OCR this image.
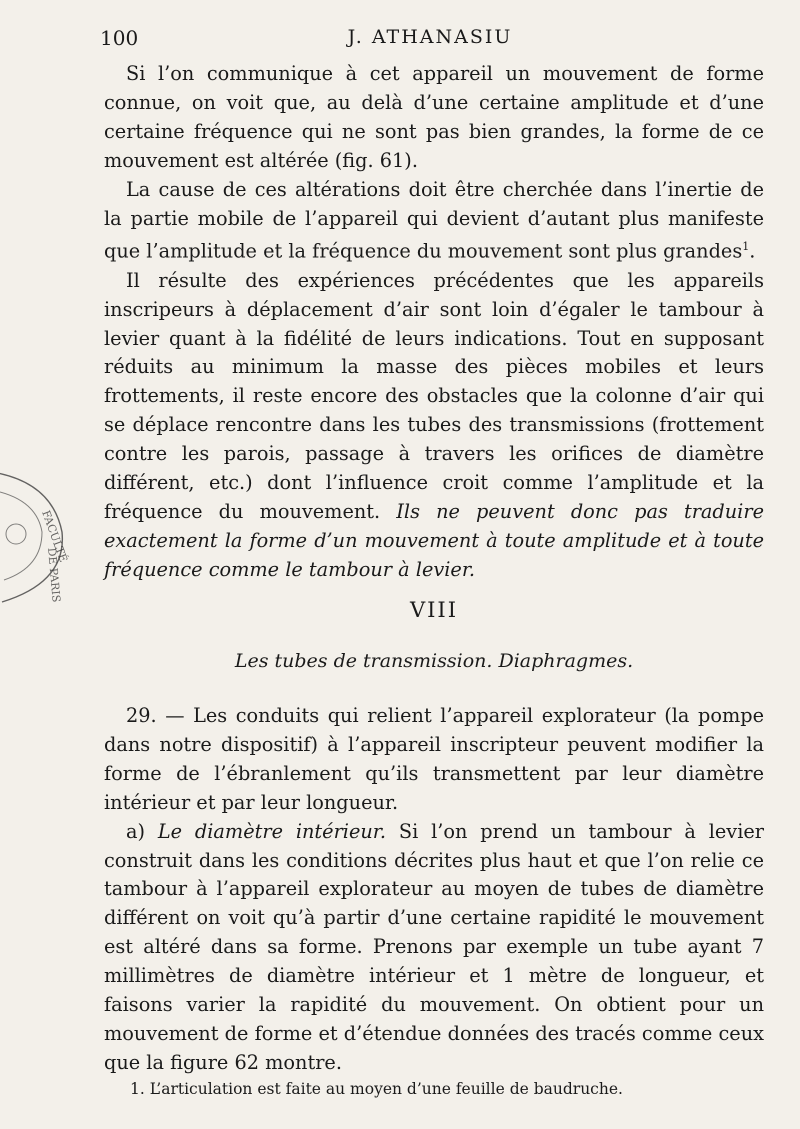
100	J. ATHANASIU

Si l’on communique à cet appareil un mouvement de forme connue, on voit que, au delà d’une certaine amplitude et d’une certaine fréquence qui ne sont pas bien grandes, la forme de ce mouvement est altérée (fig. 61).

La cause de ces altérations doit être cherchée dans l’inertie de la partie mobile de l’appareil qui devient d’autant plus manifeste que l’amplitude et la fréquence du mouvement sont plus grandes$^1$.

Il résulte des expériences précédentes que les appareils inscripeurs à déplacement d’air sont loin d’égaler le tambour à levier quant à la fidélité de leurs indications. Tout en supposant réduits au minimum la masse des pièces mobiles et leurs frottements, il reste encore des obstacles que la colonne d’air qui se déplace rencontre dans les tubes des transmissions (frottement contre les parois, passage à travers les orifices de diamètre différent, etc.) dont l’influence croit comme l’amplitude et la fréquence du mouvement. Ils ne peuvent donc pas traduire exactement la forme d’un mouvement à toute amplitude et à toute fréquence comme le tambour à levier.

VIII
Les tubes de transmission. Diaphragmes.

29. — Les conduits qui relient l’appareil explorateur (la pompe dans notre dispositif) à l’appareil inscripteur peuvent modifier la forme de l’ébranlement qu’ils transmettent par leur diamètre intérieur et par leur longueur.

a) Le diamètre intérieur. Si l’on prend un tambour à levier construit dans les conditions décrites plus haut et que l’on relie ce tambour à l’appareil explorateur au moyen de tubes de diamètre différent on voit qu’à partir d’une certaine rapidité le mouvement est altéré dans sa forme. Prenons par exemple un tube ayant 7 millimètres de diamètre intérieur et 1 mètre de longueur, et faisons varier la rapidité du mouvement. On obtient pour un mouvement de forme et d’étendue données des tracés comme ceux que la figure 62 montre.

1. L’articulation est faite au moyen d’une feuille de baudruche.
FACULTÉ
DE PARIS
